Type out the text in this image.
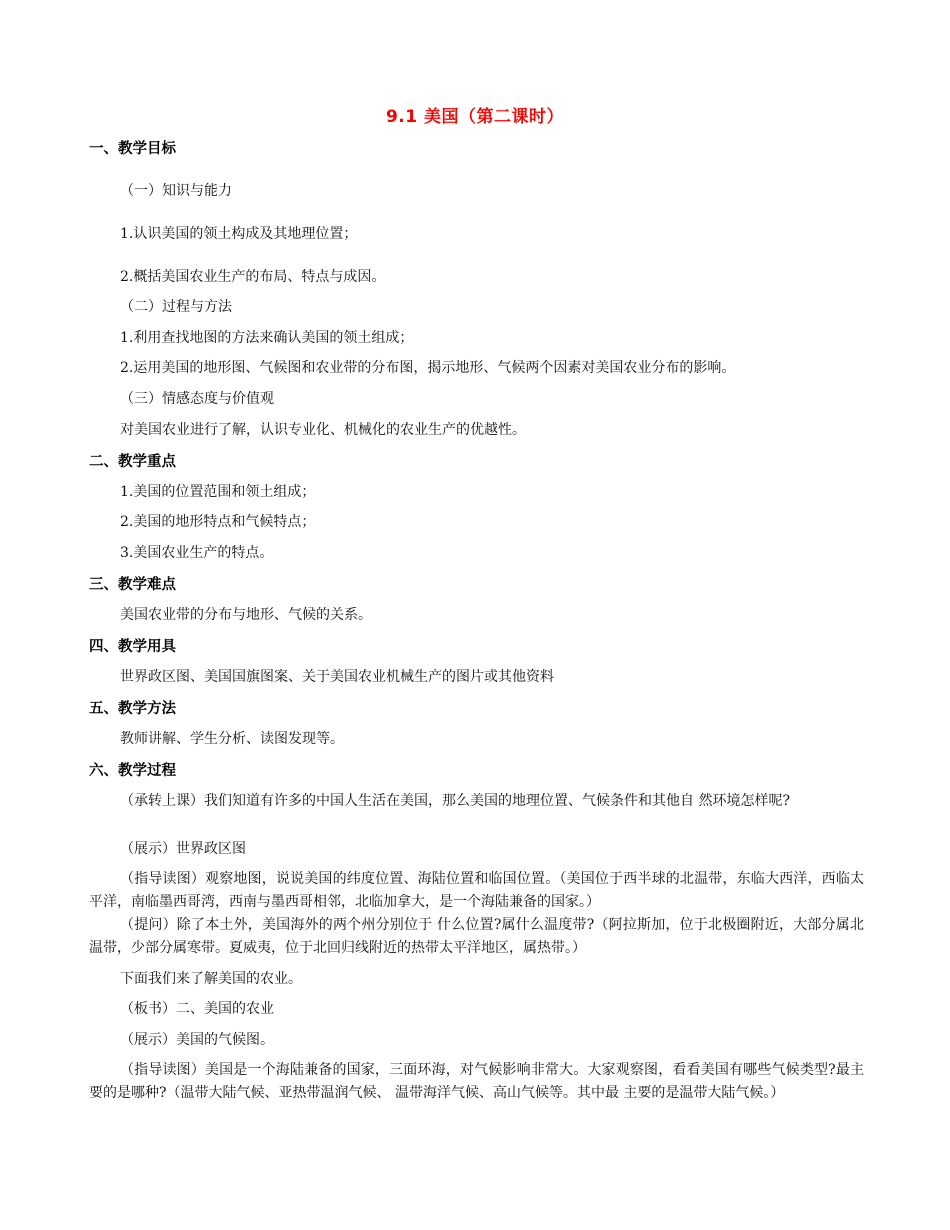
9.1 美国（第二课时）
一、教学目标
（一）知识与能力
1.认识美国的领土构成及其地理位置；
2.概括美国农业生产的布局、特点与成因。
（二）过程与方法
1.利用查找地图的方法来确认美国的领土组成；
2.运用美国的地形图、气候图和农业带的分布图，揭示地形、气候两个因素对美国农业分布的影响。
（三）情感态度与价值观
对美国农业进行了解，认识专业化、机械化的农业生产的优越性。
二、教学重点
1.美国的位置范围和领土组成；
2.美国的地形特点和气候特点；
3.美国农业生产的特点。
三、教学难点
美国农业带的分布与地形、气候的关系。
四、教学用具
世界政区图、美国国旗图案、关于美国农业机械生产的图片或其他资料
五、教学方法
教师讲解、学生分析、读图发现等。
六、教学过程
（承转上课）我们知道有许多的中国人生活在美国，那么美国的地理位置、气候条件和其他自 然环境怎样呢?
（展示）世界政区图
（指导读图）观察地图，说说美国的纬度位置、海陆位置和临国位置。（美国位于西半球的北温带，东临大西洋，西临太平洋，南临墨西哥湾，西南与墨西哥相邻，北临加拿大，是一个海陆兼备的国家。）
（提问）除了本土外，美国海外的两个州分别位于 什么位置?属什么温度带?（阿拉斯加，位于北极圈附近，大部分属北温带，少部分属寒带。夏威夷，位于北回归线附近的热带太平洋地区，属热带。）
下面我们来了解美国的农业。
（板书）二、美国的农业
（展示）美国的气候图。
（指导读图）美国是一个海陆兼备的国家，三面环海，对气候影响非常大。大家观察图，看看美国有哪些气候类型?最主要的是哪种?（温带大陆气候、亚热带温润气候、 温带海洋气候、高山气候等。其中最 主要的是温带大陆气候。）
